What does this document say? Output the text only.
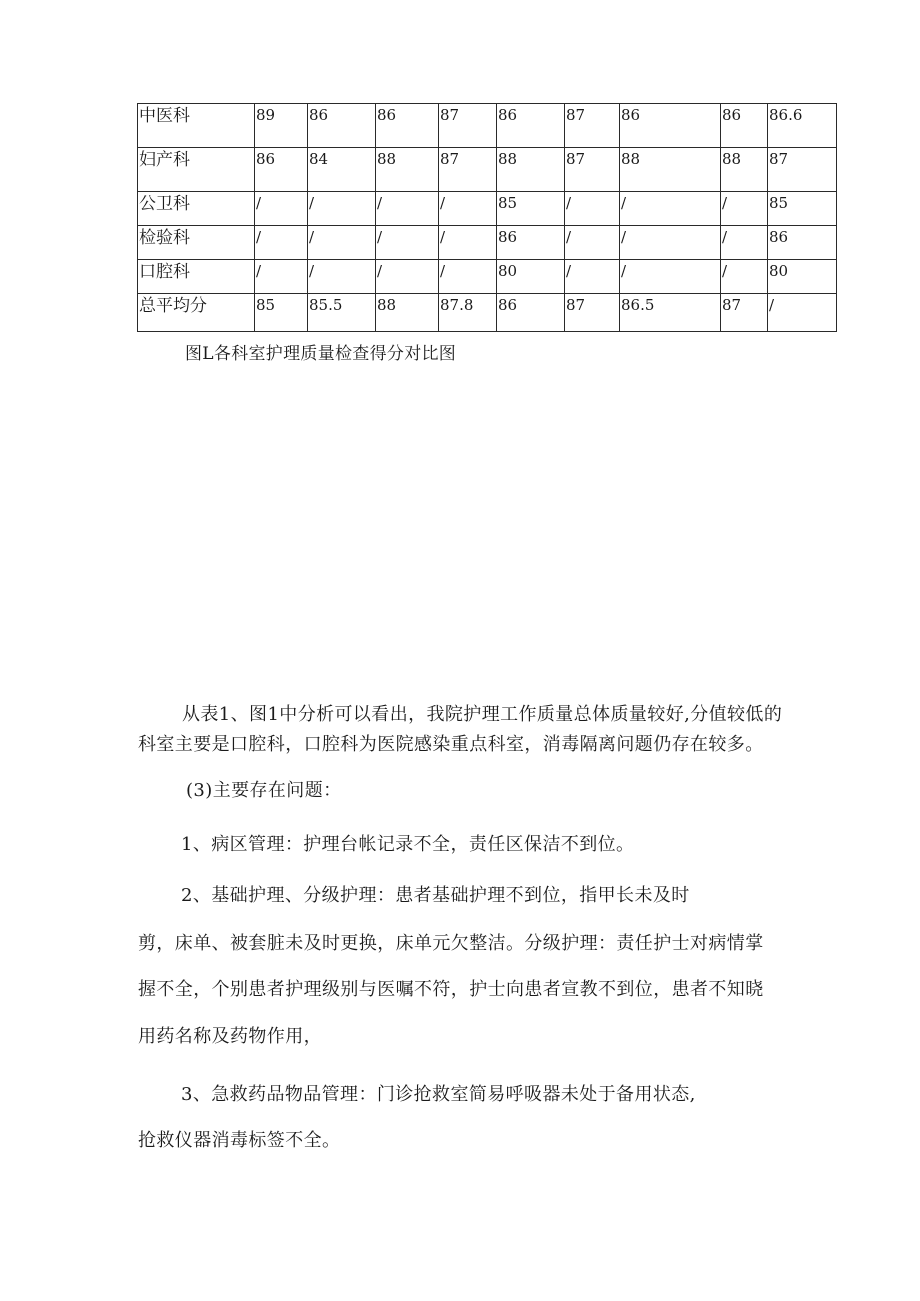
中医科	89	86	86	87	86	87	86	86	86.6
妇产科	86	84	88	87	88	87	88	88	87
公卫科	/	/	/	/	85	/	/	/	85
检验科	/	/	/	/	86	/	/	/	86
口腔科	/	/	/	/	80	/	/	/	80
总平均分	85	85.5	88	87.8	86	87	86.5	87	/
图L各科室护理质量检查得分对比图
从表1、图1中分析可以看出，我院护理工作质量总体质量较好,分值较低的
科室主要是口腔科，口腔科为医院感染重点科室，消毒隔离问题仍存在较多。
(3)主要存在问题：
1、病区管理：护理台帐记录不全，责任区保洁不到位。
2、基础护理、分级护理：患者基础护理不到位，指甲长未及时
剪，床单、被套脏未及时更换，床单元欠整洁。分级护理：责任护士对病情掌
握不全，个别患者护理级别与医嘱不符，护士向患者宣教不到位，患者不知晓
用药名称及药物作用，
3、急救药品物品管理：门诊抢救室简易呼吸器未处于备用状态,
抢救仪器消毒标签不全。
